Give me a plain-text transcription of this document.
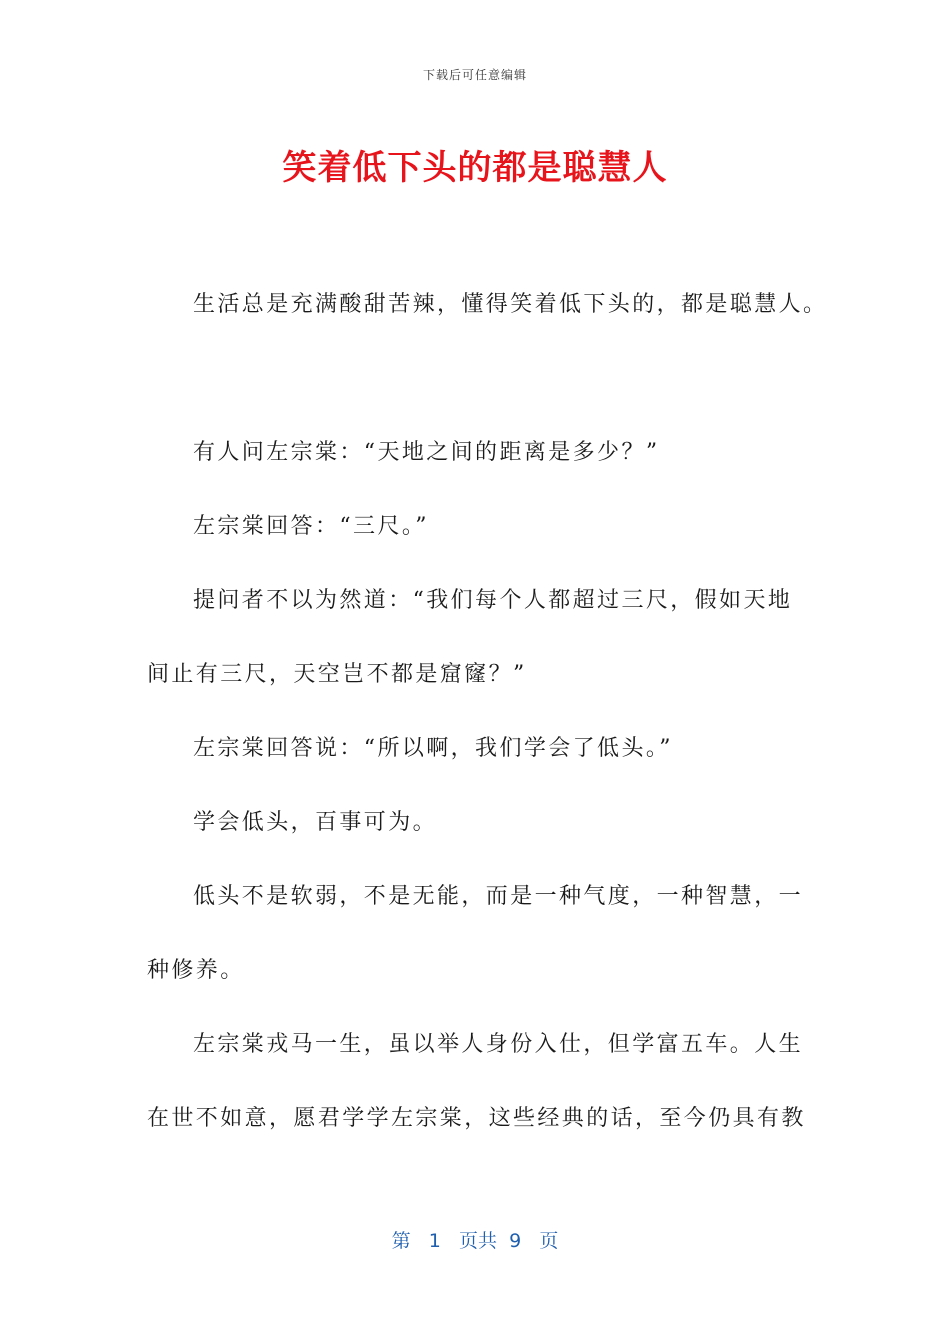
下载后可任意编辑
笑着低下头的都是聪慧人

生活总是充满酸甜苦辣，懂得笑着低下头的，都是聪慧人。

有人问左宗棠：“天地之间的距离是多少？”

左宗棠回答：“三尺。”

提问者不以为然道：“我们每个人都超过三尺，假如天地
间止有三尺，天空岂不都是窟窿？”

左宗棠回答说：“所以啊，我们学会了低头。”

学会低头，百事可为。

低头不是软弱，不是无能，而是一种气度，一种智慧，一
种修养。

左宗棠戎马一生，虽以举人身份入仕，但学富五车。人生
在世不如意，愿君学学左宗棠，这些经典的话，至今仍具有教

第 1 页共 9 页
